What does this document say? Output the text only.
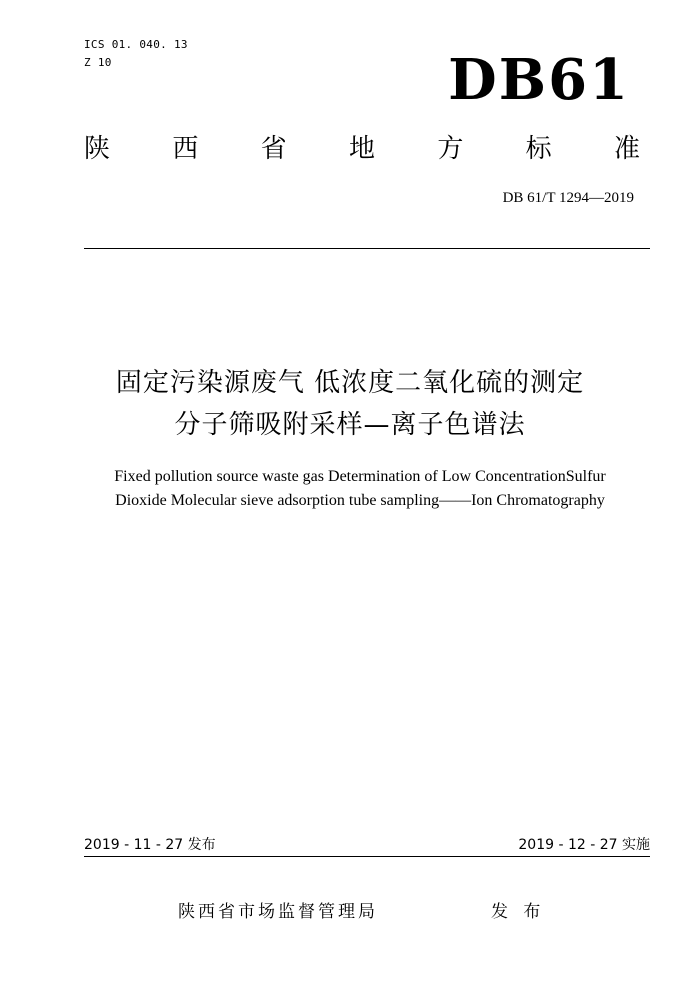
ICS 01. 040. 13
Z 10	DB61
陕 西 省 地 方 标 准
DB 61/T 1294—2019
固定污染源废气 低浓度二氧化硫的测定
分子筛吸附采样—离子色谱法
Fixed pollution source waste gas Determination of Low ConcentrationSulfur
Dioxide Molecular sieve adsorption tube sampling——Ion Chromatography
2019 - 11 - 27 发布	2019 - 12 - 27 实施
陕西省市场监督管理局	发 布
